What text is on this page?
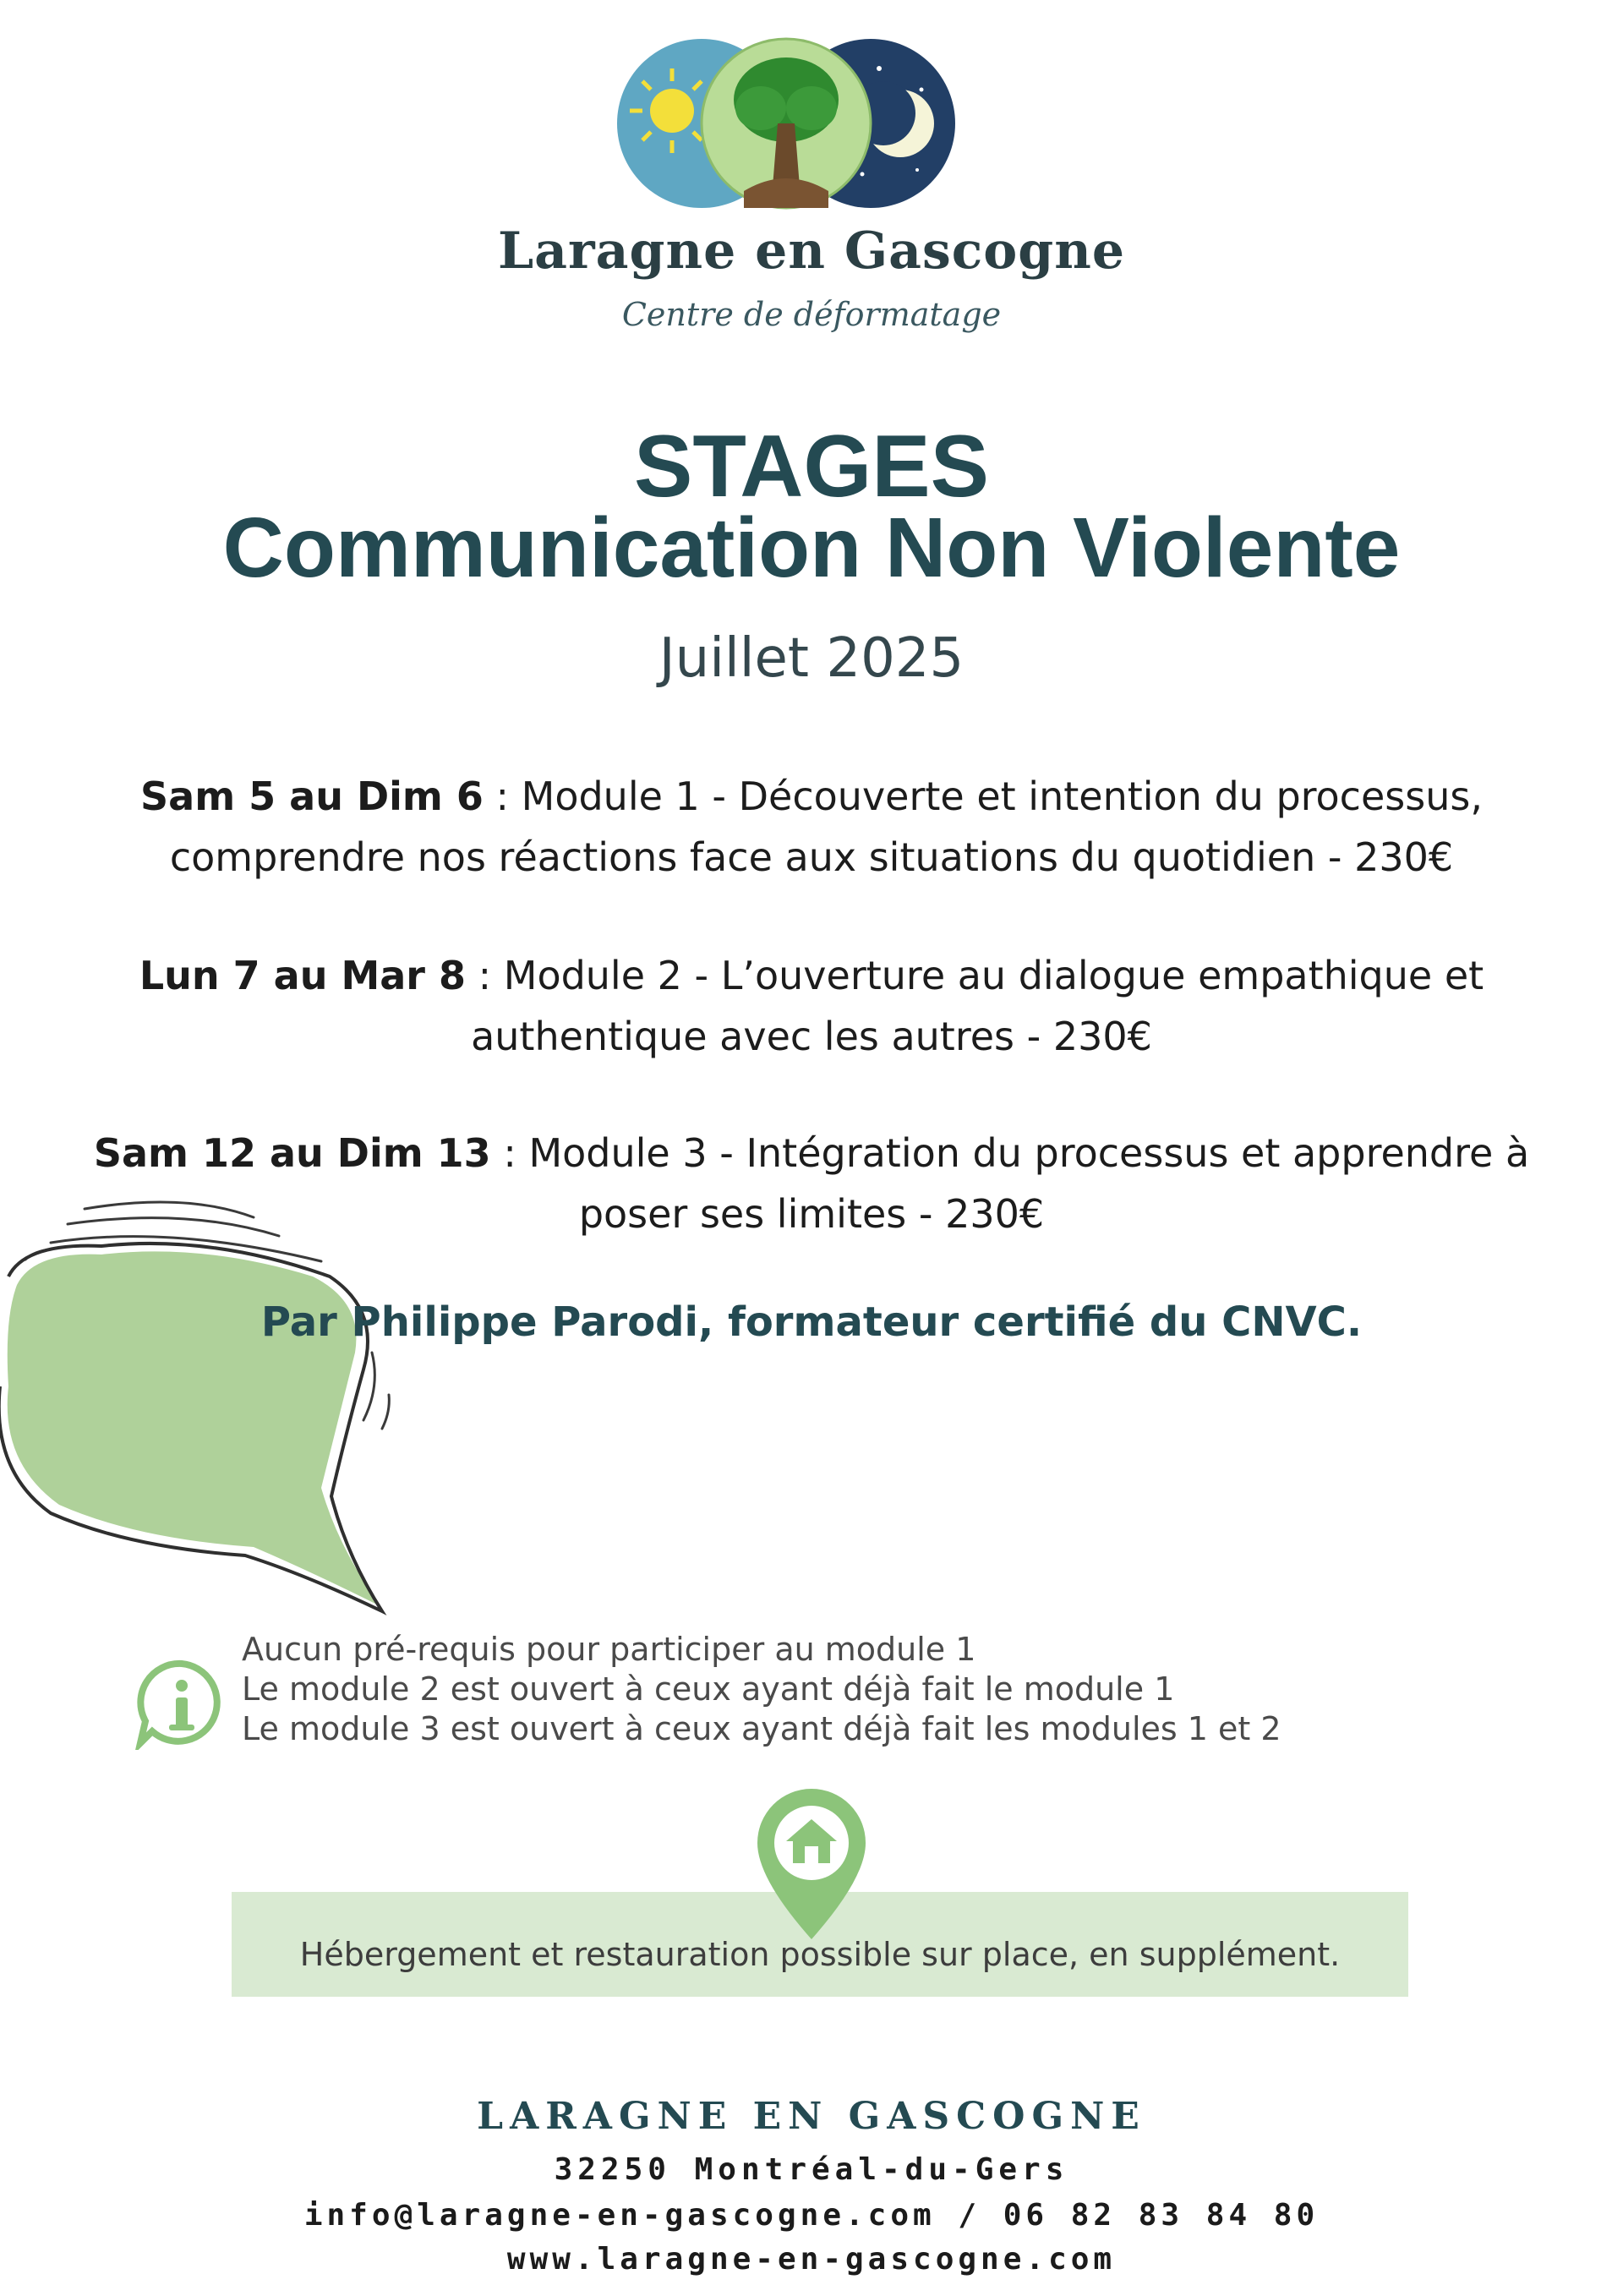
Laragne en Gascogne
Centre de déformatage
STAGES
Communication Non Violente
Juillet 2025
Sam 5 au Dim 6 : Module 1 - Découverte et intention du processus, comprendre nos réactions face aux situations du quotidien - 230€
Lun 7 au Mar 8 : Module 2 - L’ouverture au dialogue empathique et authentique avec les autres - 230€
Sam 12 au Dim 13 : Module 3 - Intégration du processus et apprendre à poser ses limites - 230€
Par Philippe Parodi, formateur certifié du CNVC.
Aucun pré-requis pour participer au module 1
Le module 2 est ouvert à ceux ayant déjà fait le module 1
Le module 3 est ouvert à ceux ayant déjà fait les modules 1 et 2
Hébergement et restauration possible sur place, en supplément.
LARAGNE EN GASCOGNE
32250 Montréal-du-Gers
info@laragne-en-gascogne.com / 06 82 83 84 80
www.laragne-en-gascogne.com
